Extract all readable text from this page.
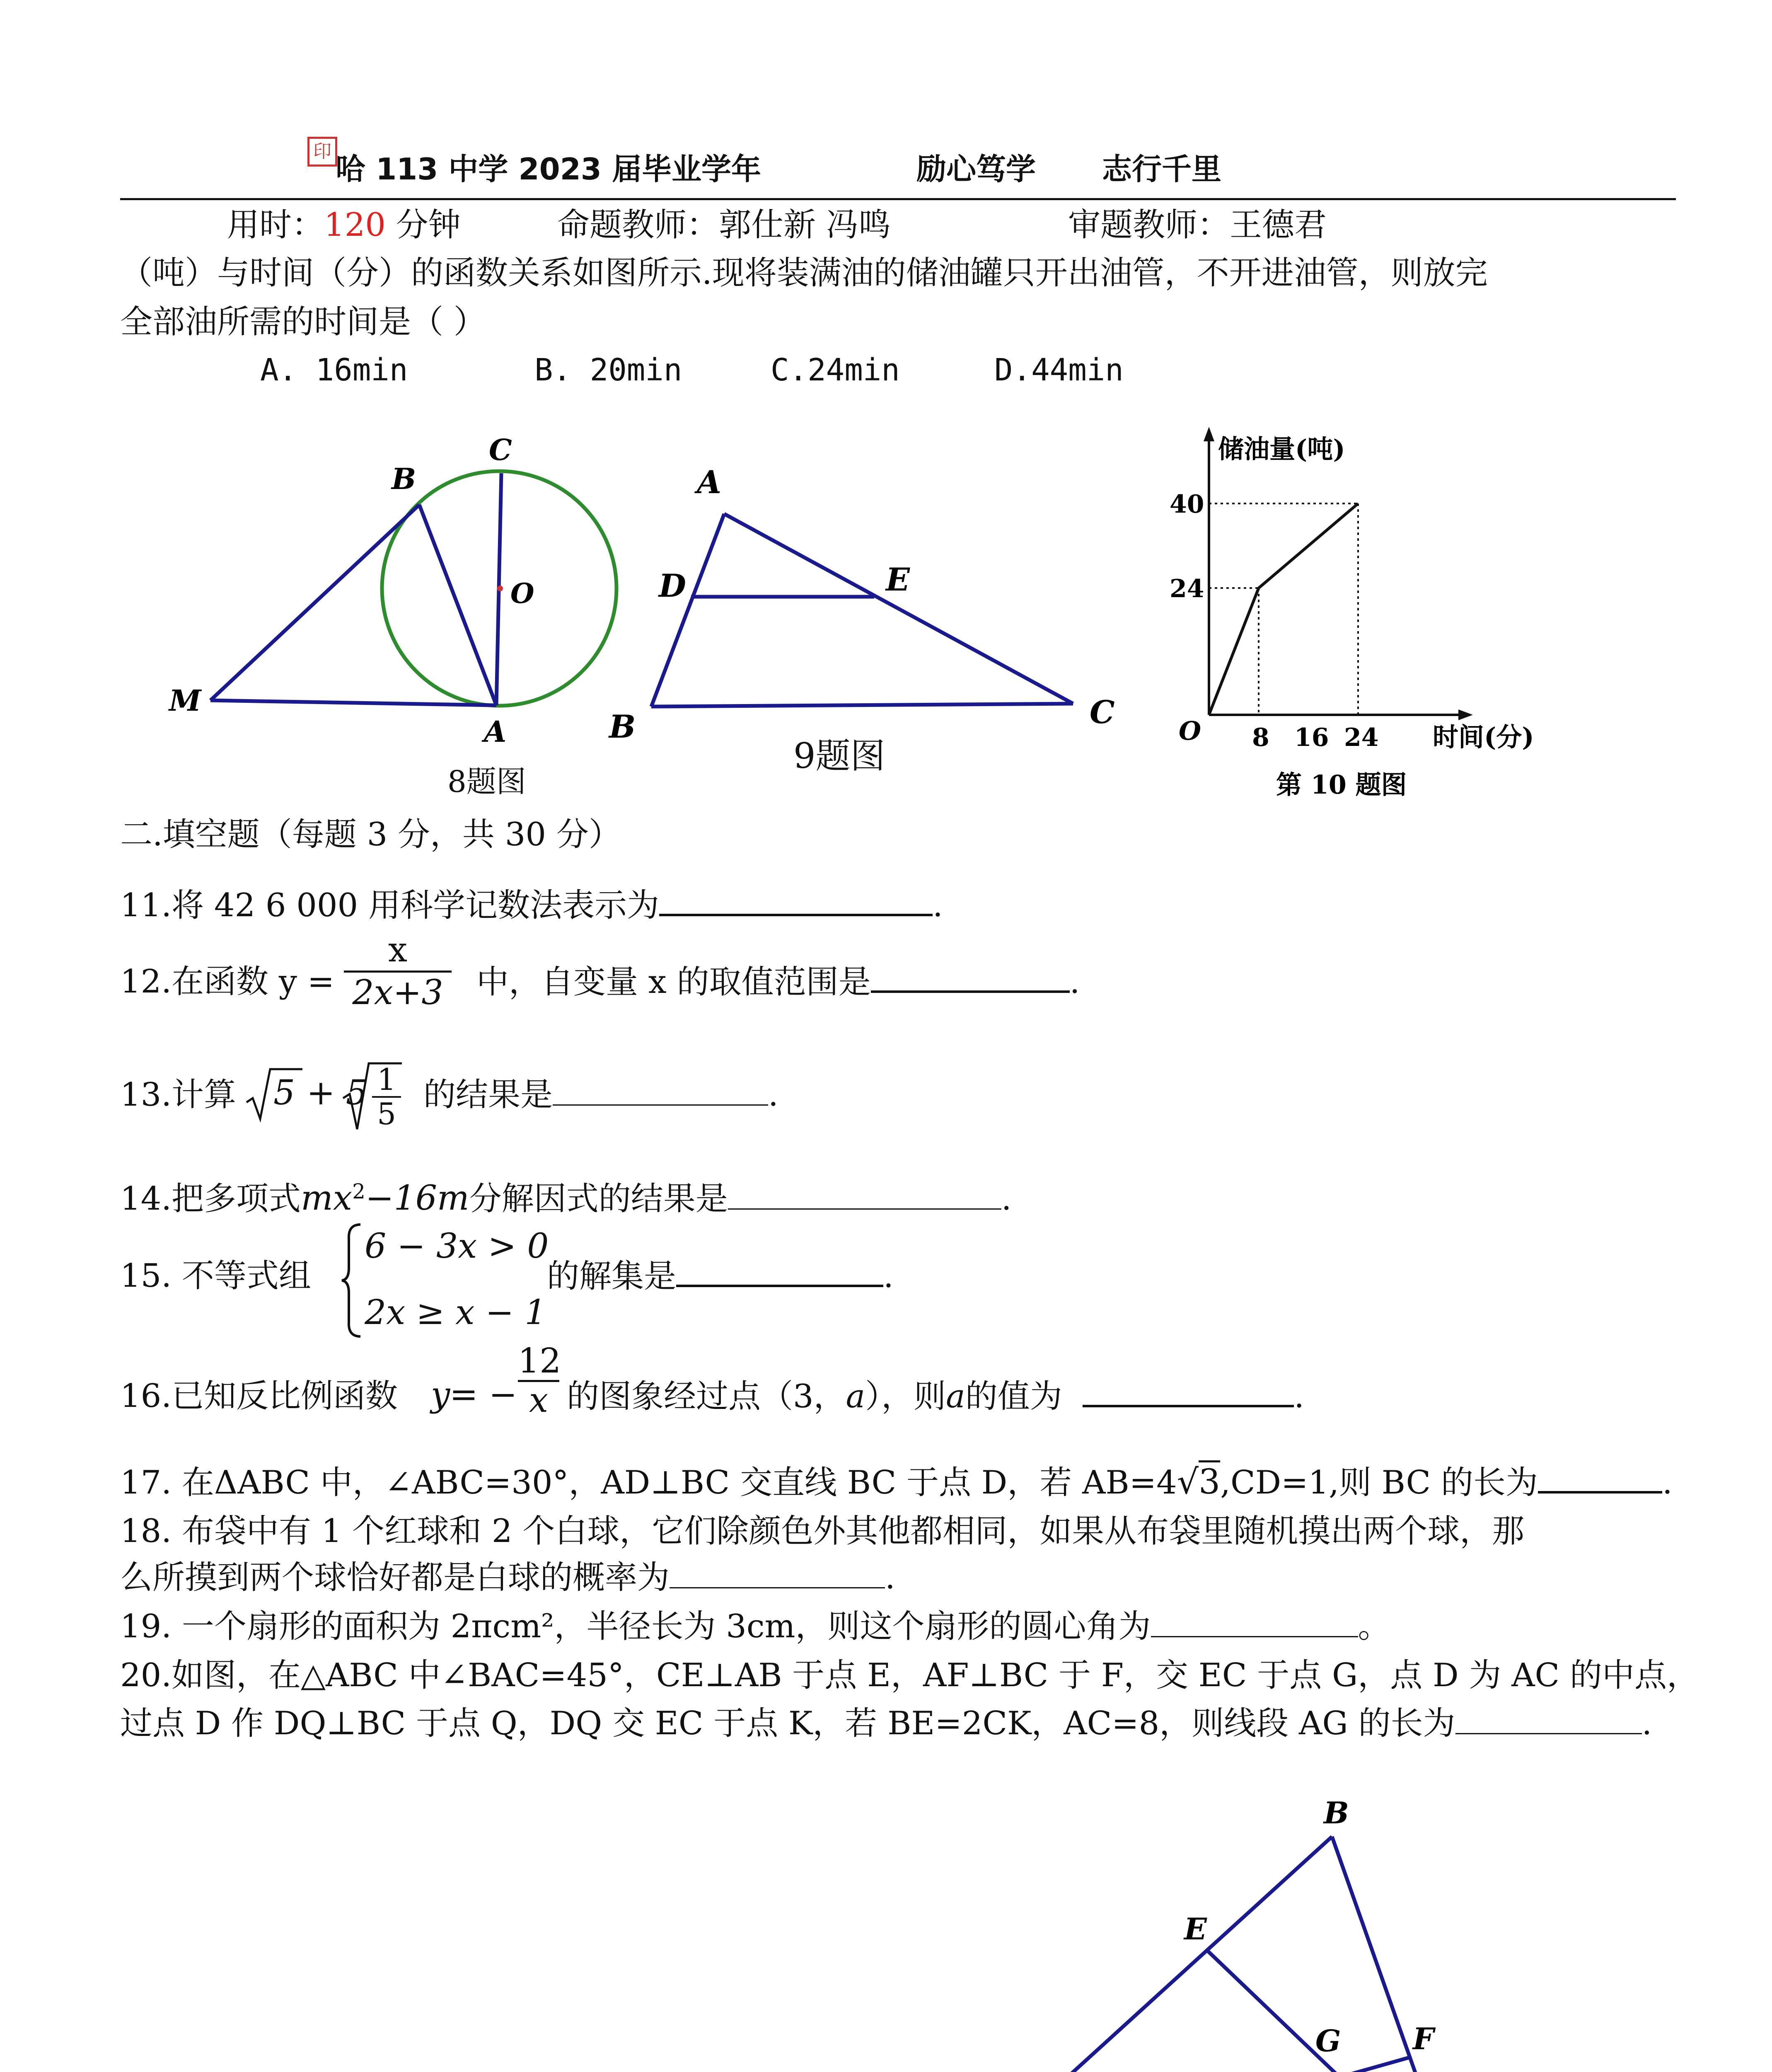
印
哈 113 中学 2023 届毕业学年	励心笃学 志行千里
用时：120 分钟	命题教师：郭仕新 冯鸣	审题教师：王德君
（吨）与时间（分）的函数关系如图所示.现将装满油的储油罐只开出油管，不开进油管，则放完
全部油所需的时间是（ ）
A. 16min	B. 20min	C.24min	D.44min
C
B
O
M
A
8题图
A
D	E
B	C
9题图
40
24
8 16 24
储油量(吨)
时间(分)
O
第 10 题图
二.填空题（每题 3 分，共 30 分）
11.将 42 6 000 用科学记数法表示为	.
12.在函数 y =
x
2x+3 中，自变量 x 的取值范围是	.
13.计算 5 + 5 1
5
的结果是	.
14.把多项式$mx^2-16m$分解因式的结果是	.
15. 不等式组
6 − 3x > 0
2x ≥ x − 1
的解集是	.
16.已知反比例函数 y
= −
12
x 的图象经过点（3，a），则a的值为	.
17. 在ΔABC 中，∠ABC=30°，AD⊥BC 交直线 BC 于点 D，若 AB=4√3,CD=1,则 BC 的长为	.
18. 布袋中有 1 个红球和 2 个白球，它们除颜色外其他都相同，如果从布袋里随机摸出两个球，那
么所摸到两个球恰好都是白球的概率为	.
19. 一个扇形的面积为 2πcm²，半径长为 3cm，则这个扇形的圆心角为	。
20.如图，在△ABC 中∠BAC=45°，CE⊥AB 于点 E，AF⊥BC 于 F，交 EC 于点 G，点 D 为 AC 的中点，
过点 D 作 DQ⊥BC 于点 Q，DQ 交 EC 于点 K，若 BE=2CK，AC=8，则线段 AG 的长为	.
B
E
G F
